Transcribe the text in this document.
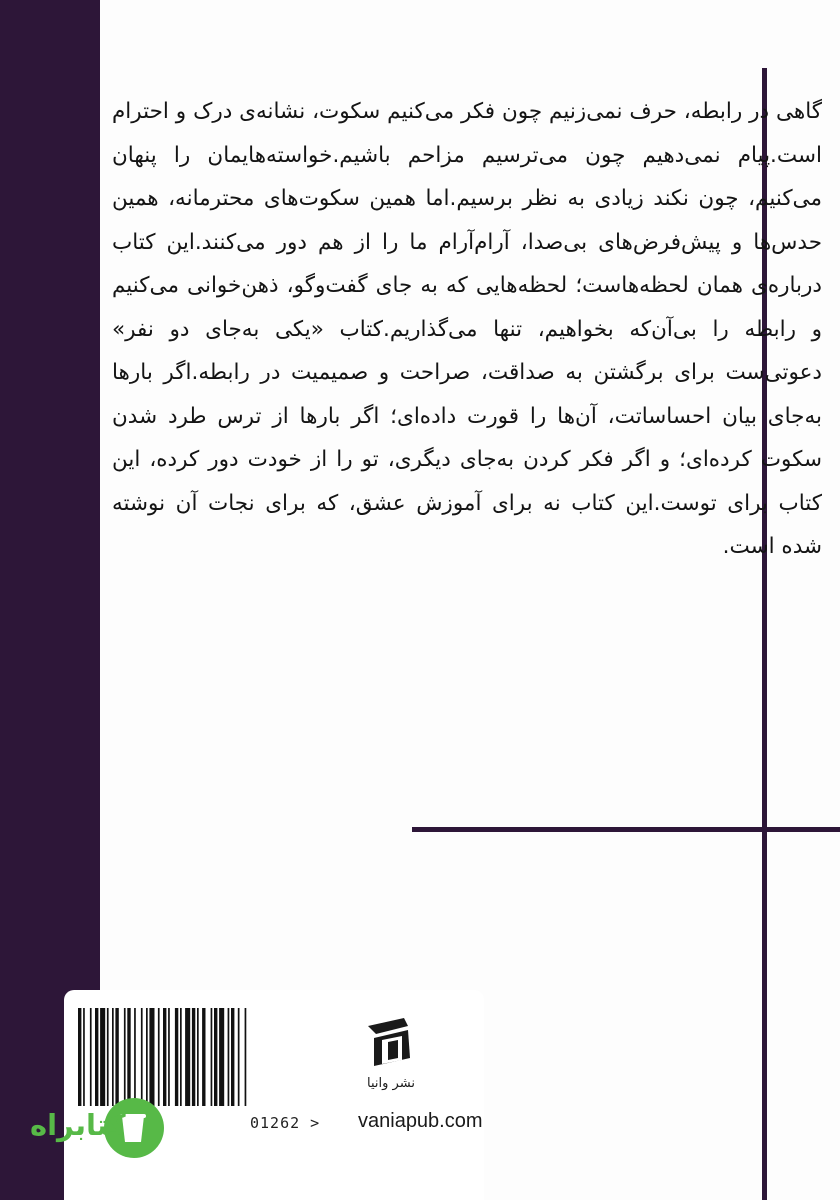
گاهی در رابطه، حرف نمی‌زنیم چون فکر می‌کنیم سکوت، نشانه‌ی درک و احترام است.پیام نمی‌دهیم چون می‌ترسیم مزاحم باشیم.خواسته‌هایمان را پنهان می‌کنیم، چون نکند زیادی به نظر برسیم.اما همین سکوت‌های محترمانه، همین حدس‌ها و پیش‌فرض‌های بی‌صدا، آرام‌آرام ما را از هم دور می‌کنند.این کتاب درباره‌ی همان لحظه‌هاست؛ لحظه‌هایی که به جای گفت‌وگو، ذهن‌خوانی می‌کنیم و رابطه را بی‌آن‌که بخواهیم، تنها می‌گذاریم.کتاب «یکی به‌جای دو نفر» دعوتی‌ست برای برگشتن به صداقت، صراحت و صمیمیت در رابطه.اگر بارها به‌جای بیان احساساتت، آن‌ها را قورت داده‌ای؛ اگر بارها از ترس طرد شدن سکوت کرده‌ای؛ و اگر فکر کردن به‌جای دیگری، تو را از خودت دور کرده، این کتاب برای توست.این کتاب نه برای آموزش عشق، که برای نجات آن نوشته شده است.

01262 >
نشر وانیا
vaniapub.com
کتابراه
